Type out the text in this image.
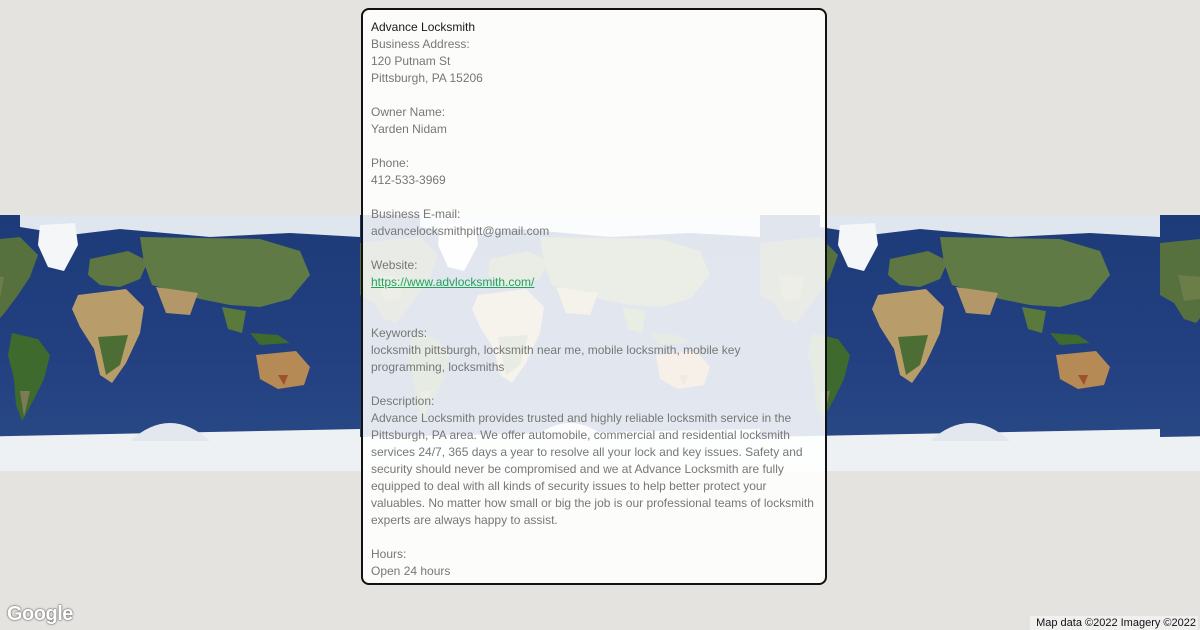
Advance Locksmith
Business Address:
120 Putnam St
Pittsburgh, PA 15206
Owner Name:
Yarden Nidam
Phone:
412-533-3969
Business E-mail:
advancelocksmithpitt@gmail.com
Website:
https://www.advlocksmith.com/
Keywords:
locksmith pittsburgh, locksmith near me, mobile locksmith, mobile key programming, locksmiths
Description:
Advance Locksmith provides trusted and highly reliable locksmith service in the Pittsburgh, PA area. We offer automobile, commercial and residential locksmith services 24/7, 365 days a year to resolve all your lock and key issues. Safety and security should never be compromised and we at Advance Locksmith are fully equipped to deal with all kinds of security issues to help better protect your valuables. No matter how small or big the job is our professional teams of locksmith experts are always happy to assist.
Hours:
Open 24 hours
Google	Map data ©2022 Imagery ©2022
